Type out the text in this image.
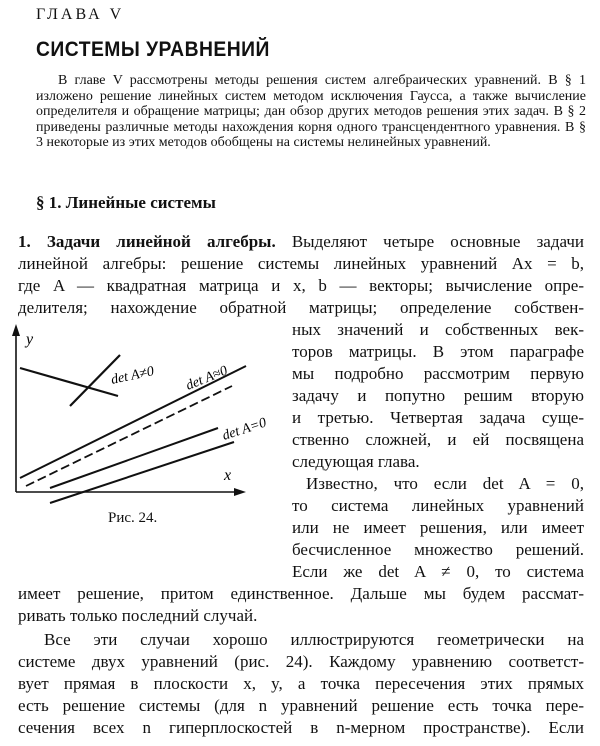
ГЛАВА V
СИСТЕМЫ УРАВНЕНИЙ
В главе V рассмотрены методы решения систем алгебраических уравнений. В § 1 изложено решение линейных систем методом исключения Гаусса, а также вычисление определителя и обращение матрицы; дан обзор других методов решения этих задач. В § 2 приведены различные методы нахождения корня одного трансцендентного уравнения. В § 3 некоторые из этих методов обобщены на системы нелинейных уравнений.
§ 1. Линейные системы
1. Задачи линейной алгебры. Выделяют четыре основные задачи
линейной алгебры: решение системы линейных уравнений Ax = b,
где A — квадратная матрица и x, b — векторы; вычисление опре-
делителя; нахождение обратной матрицы; определение собствен-
ных значений и собственных век-
торов матрицы. В этом параграфе
мы подробно рассмотрим первую
задачу и попутно решим вторую
и третью. Четвертая задача суще-
ственно сложней, и ей посвящена
следующая глава.
Известно, что если det A = 0,
то система линейных уравнений
или не имеет решения, или имеет
бесчисленное множество решений.
Если же det A ≠ 0, то система
имеет решение, притом единственное. Дальше мы будем рассмат-
ривать только последний случай.
Все эти случаи хорошо иллюстрируются геометрически на
системе двух уравнений (рис. 24). Каждому уравнению соответст-
вует прямая в плоскости x, y, а точка пересечения этих прямых
есть решение системы (для n уравнений решение есть точка пере-
сечения всех n гиперплоскостей в n-мерном пространстве). Если
y
x
det A≠0 det A≈0
det A=0
Рис. 24.
